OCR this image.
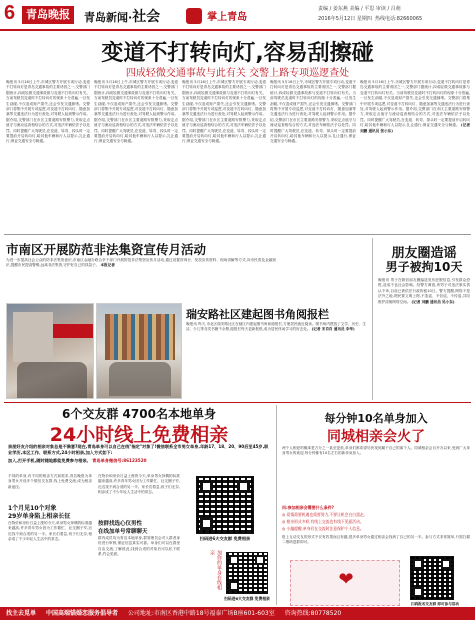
6 青岛晚报	青岛新闻·社会	掌上青岛
责编 / 姜东燕 美编 / 平思 审读 / 吕萌
2016年5月12日 星期四 热线电话:82660065
变道不打转向灯,容易刮擦碰
四成轻微交通事故与此有关 交警上路专项巡逻查处
晚报讯 5月16日上午,市城区警方开展专项行动,变道不打转向灯是青岛交通事故的主要诱因之一,交警部门据统计,四成轻微交通事故都与变道不打转向灯有关。当前驾驶员变道时不打转向灯的现象十分普遍,一旦发生刮碰,不仅造成财产损失,还会引发交通拥堵。交警部门将集中开展专项巡逻,对变道不打转向灯、随意加塞等交通违法行为进行查处,对驾驶人起到警示作用。据介绍,交警部门在市区主要道路安排警力,采取定点值守与流动巡查相结合的方式,对违法车辆依法予以处罚。同时提醒广大驾驶员,在变道、转弯、掉头时一定要提前开启转向灯,给其他车辆和行人以提示,礼让通行,保证交通安全与畅通。
晚报讯 5月16日上午,市城区警方开展专项行动,变道不打转向灯是青岛交通事故的主要诱因之一,交警部门据统计,四成轻微交通事故都与变道不打转向灯有关。当前驾驶员变道时不打转向灯的现象十分普遍,一旦发生刮碰,不仅造成财产损失,还会引发交通拥堵。交警部门将集中开展专项巡逻,对变道不打转向灯、随意加塞等交通违法行为进行查处,对驾驶人起到警示作用。据介绍,交警部门在市区主要道路安排警力,采取定点值守与流动巡查相结合的方式,对违法车辆依法予以处罚。同时提醒广大驾驶员,在变道、转弯、掉头时一定要提前开启转向灯,给其他车辆和行人以提示,礼让通行,保证交通安全与畅通。
晚报讯 5月16日上午,市城区警方开展专项行动,变道不打转向灯是青岛交通事故的主要诱因之一,交警部门据统计,四成轻微交通事故都与变道不打转向灯有关。当前驾驶员变道时不打转向灯的现象十分普遍,一旦发生刮碰,不仅造成财产损失,还会引发交通拥堵。交警部门将集中开展专项巡逻,对变道不打转向灯、随意加塞等交通违法行为进行查处,对驾驶人起到警示作用。据介绍,交警部门在市区主要道路安排警力,采取定点值守与流动巡查相结合的方式,对违法车辆依法予以处罚。同时提醒广大驾驶员,在变道、转弯、掉头时一定要提前开启转向灯,给其他车辆和行人以提示,礼让通行,保证交通安全与畅通。
晚报讯 5月16日上午,市城区警方开展专项行动,变道不打转向灯是青岛交通事故的主要诱因之一,交警部门据统计,四成轻微交通事故都与变道不打转向灯有关。当前驾驶员变道时不打转向灯的现象十分普遍,一旦发生刮碰,不仅造成财产损失,还会引发交通拥堵。交警部门将集中开展专项巡逻,对变道不打转向灯、随意加塞等交通违法行为进行查处,对驾驶人起到警示作用。据介绍,交警部门在市区主要道路安排警力,采取定点值守与流动巡查相结合的方式,对违法车辆依法予以处罚。同时提醒广大驾驶员,在变道、转弯、掉头时一定要提前开启转向灯,给其他车辆和行人以提示,礼让通行,保证交通安全与畅通。
晚报讯 5月16日上午,市城区警方开展专项行动,变道不打转向灯是青岛交通事故的主要诱因之一,交警部门据统计,四成轻微交通事故都与变道不打转向灯有关。当前驾驶员变道时不打转向灯的现象十分普遍,一旦发生刮碰,不仅造成财产损失,还会引发交通拥堵。交警部门将集中开展专项巡逻,对变道不打转向灯、随意加塞等交通违法行为进行查处,对驾驶人起到警示作用。据介绍,交警部门在市区主要道路安排警力,采取定点值守与流动巡查相结合的方式,对违法车辆依法予以处罚。同时提醒广大驾驶员,在变道、转弯、掉头时一定要提前开启转向灯,给其他车辆和行人以提示,礼让通行,保证交通安全与畅通。 (记者 刘鹏 通讯员 张小东)
市南区开展防范非法集资宣传月活动
为进一步提高社会公众的防非法集资意识,市南区金融办联合多个部门开展防范非法集资宣传月活动,通过设置咨询台、发放宣传资料、现场讲解等方式,向市民普及金融知识,提醒市民提高警惕,远离非法集资,守护好自己的钱袋子。 本报记者
瑞安路社区建起图书角阅报栏
晚报讯 昨天,市北区瑞安路社区在辖区内建起图书角和阅报栏,方便居民就近阅读。图书角内摆放了文学、历史、生活、少儿等各类书籍千余册,阅报栏每天更新报纸,成为居民休闲学习的好去处。 (记者 宋肖肖 通讯员 李华)
朋友圈造谣
男子被拘10天
晚报讯 男子在微信朋友圈编造发布虚假信息,引发群众恐慌,造成不良社会影响。经警方调查,该男子对违法事实供认不讳,目前已被依法行政拘留10日。警方提醒,网络不是法外之地,网民要文明上网,不造谣、不信谣、不传谣,共同维护清朗网络空间。 (记者 刘鹏 通讯员 吴小东)
6个交友群 4700名本地单身
24小时线上免费相亲
亲朋好友介绍的相亲对象总是不满意?现在,青岛单身可以自己在线"指定"对象了!微信联系全市男女单身,年龄17、18、20、90后至45岁,职业学历,本区工作、联系方式,24小时相亲,加入方式如下:
加入,打开手机,随时随地都能免费参与相亲。 青岛单身微信号:86123520
不同的单身,有不同的相亲方式和需求,青岛晚报为单身男女开设多个微信交友群,线上免费交流,成为相亲新途径。
1个月见10个对象
29岁单身陷上相亲长征
在物价和房价日益上涨的今天,单身男女择偶的标准越来越高,许多青年男女因为工作繁忙、社交圈子窄,迟迟找不到合适的另一半。家长们着急,孩子们无奈,相亲成了不少年轻人生活中的常态。
在物价和房价日益上涨的今天,单身男女择偶的标准越来越高,许多青年男女因为工作繁忙、社交圈子窄,迟迟找不到合适的另一半。家长们着急,孩子们无奈,相亲成了不少年轻人生活中的常态。
按群找选心仪男性
在线加单号常聊聊天
群内成员均为青岛本地单身,群管理员会对入群者身份进行审核,保证信息真实可靠。单身们可以在群里自由交流,了解彼此,找到合适的对象后可以私下联系,约会见面。
扫码进6大交友群 免费相亲
加你的单身在线相亲
扫码进6大交友群 免费相亲
每分钟10名单身加入
同城相亲会火了
两个人相爱的概率是万分之一甚至更低,单身们都希望尽快找到属于自己的那个人。同城相亲会自开办以来,受到广大单身男女的欢迎,每分钟都有10名左右的新单身加入。
问:参加相亲会需要什么条件?
◎ 爱情需要机遇也需要努力,不要让机会白白溜走。
◎ 相亲形式多样,有线上交流也有线下见面活动。
◎ 小编提醒,单身们在交流时注意保护个人信息。
报上互动交友的形式不仅有效果而且有趣,很多单身男女通过相亲会找到了自己的另一半。参与方式非常简单,只需扫描二维码进群即可。
❤
扫码报名交友群 即可参与活动
找主去觅单 中国高端锚婚恋服务倡导者 公司地址:市南区香港中路18号福泰广场B座601-603室 咨询热线:80778520
